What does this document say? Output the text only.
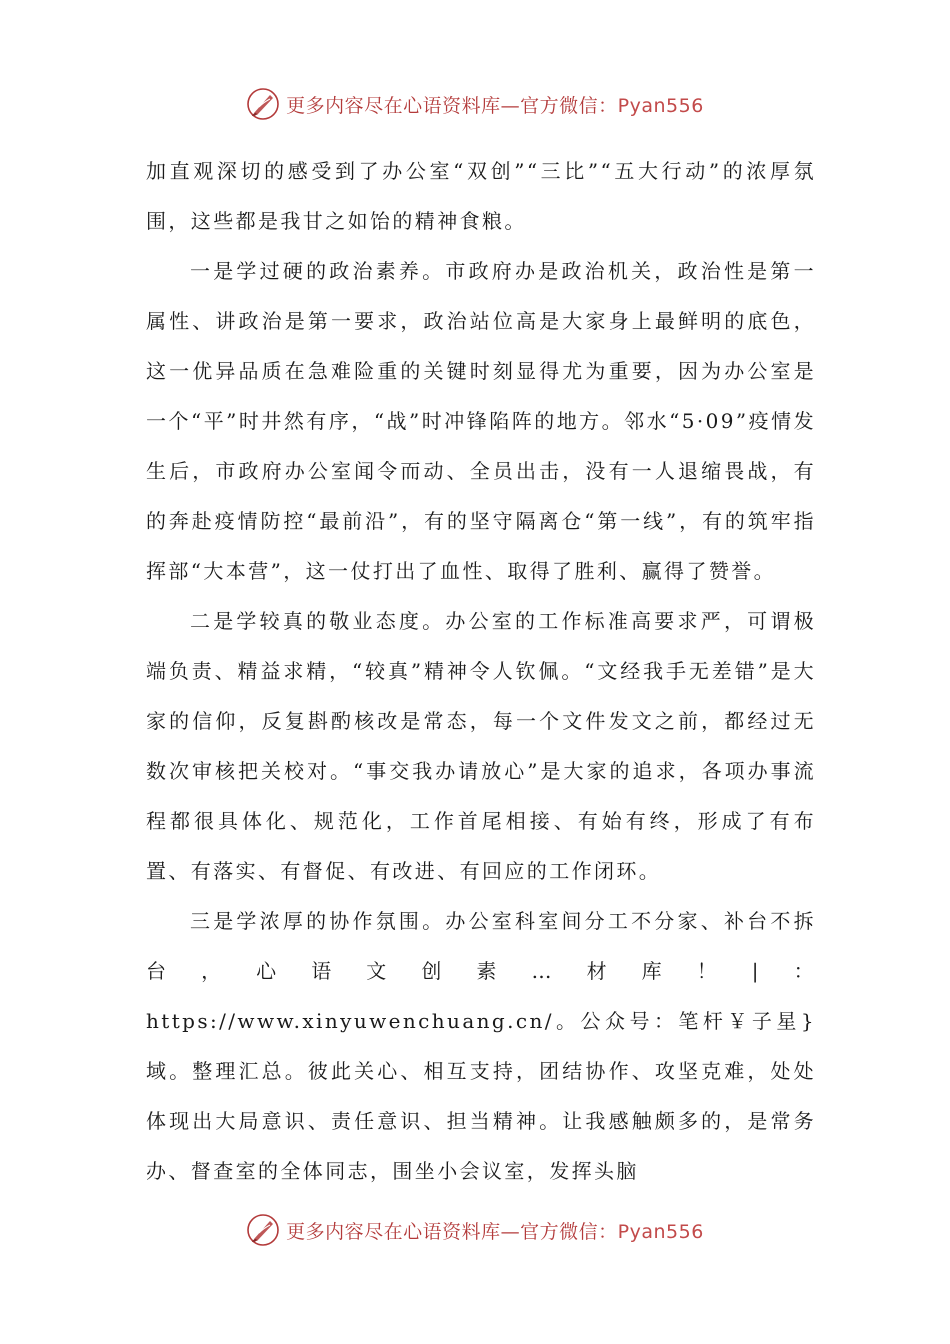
更多内容尽在心语资料库—官方微信：Pyan556

加直观深切的感受到了办公室“双创”“三比”“五大行动”的浓厚氛围，这些都是我甘之如饴的精神食粮。

一是学过硬的政治素养。市政府办是政治机关，政治性是第一属性、讲政治是第一要求，政治站位高是大家身上最鲜明的底色，这一优异品质在急难险重的关键时刻显得尤为重要，因为办公室是一个“平”时井然有序，“战”时冲锋陷阵的地方。邻水“5·09”疫情发生后，市政府办公室闻令而动、全员出击，没有一人退缩畏战，有的奔赴疫情防控“最前沿”，有的坚守隔离仓“第一线”，有的筑牢指挥部“大本营”，这一仗打出了血性、取得了胜利、赢得了赞誉。

二是学较真的敬业态度。办公室的工作标准高要求严，可谓极端负责、精益求精，“较真”精神令人钦佩。“文经我手无差错”是大家的信仰，反复斟酌核改是常态，每一个文件发文之前，都经过无数次审核把关校对。“事交我办请放心”是大家的追求，各项办事流程都很具体化、规范化，工作首尾相接、有始有终，形成了有布置、有落实、有督促、有改进、有回应的工作闭环。

三是学浓厚的协作氛围。办公室科室间分工不分家、补台不拆台，心语文创素…材库！|：https://www.xinyuwenchuang.cn/。公众号：笔杆￥子星}域。整理汇总。彼此关心、相互支持，团结协作、攻坚克难，处处体现出大局意识、责任意识、担当精神。让我感触颇多的，是常务办、督查室的全体同志，围坐小会议室，发挥头脑

更多内容尽在心语资料库—官方微信：Pyan556
